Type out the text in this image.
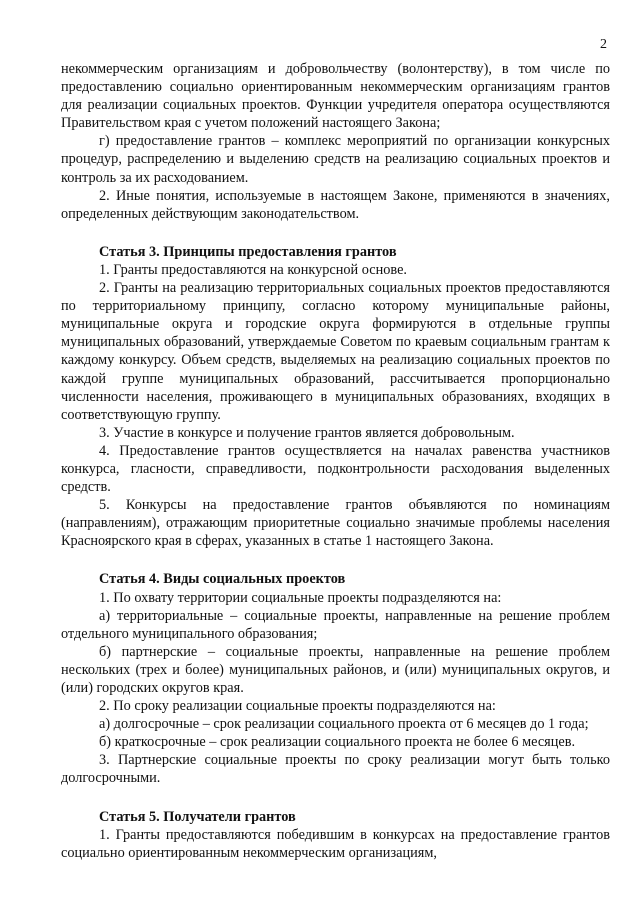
2

некоммерческим организациям и добровольчеству (волонтерству), в том числе по предоставлению социально ориентированным некоммерческим организациям грантов для реализации социальных проектов. Функции учредителя оператора осуществляются Правительством края с учетом положений настоящего Закона;

г) предоставление грантов – комплекс мероприятий по организации конкурсных процедур, распределению и выделению средств на реализацию социальных проектов и контроль за их расходованием.

2. Иные понятия, используемые в настоящем Законе, применяются в значениях, определенных действующим законодательством.

Статья 3. Принципы предоставления грантов

1. Гранты предоставляются на конкурсной основе.

2. Гранты на реализацию территориальных социальных проектов предоставляются по территориальному принципу, согласно которому муниципальные районы, муниципальные округа и городские округа формируются в отдельные группы муниципальных образований, утверждаемые Советом по краевым социальным грантам к каждому конкурсу. Объем средств, выделяемых на реализацию социальных проектов по каждой группе муниципальных образований, рассчитывается пропорционально численности населения, проживающего в муниципальных образованиях, входящих в соответствующую группу.

3. Участие в конкурсе и получение грантов является добровольным.

4. Предоставление грантов осуществляется на началах равенства участников конкурса, гласности, справедливости, подконтрольности расходования выделенных средств.

5. Конкурсы на предоставление грантов объявляются по номинациям (направлениям), отражающим приоритетные социально значимые проблемы населения Красноярского края в сферах, указанных в статье 1 настоящего Закона.

Статья 4. Виды социальных проектов

1. По охвату территории социальные проекты подразделяются на:

а) территориальные – социальные проекты, направленные на решение проблем отдельного муниципального образования;

б) партнерские – социальные проекты, направленные на решение проблем нескольких (трех и более) муниципальных районов, и (или) муниципальных округов, и (или) городских округов края.

2. По сроку реализации социальные проекты подразделяются на:

а) долгосрочные – срок реализации социального проекта от 6 месяцев до 1 года;

б) краткосрочные – срок реализации социального проекта не более 6 месяцев.

3. Партнерские социальные проекты по сроку реализации могут быть только долгосрочными.

Статья 5. Получатели грантов

1. Гранты предоставляются победившим в конкурсах на предоставление грантов социально ориентированным некоммерческим организациям,
